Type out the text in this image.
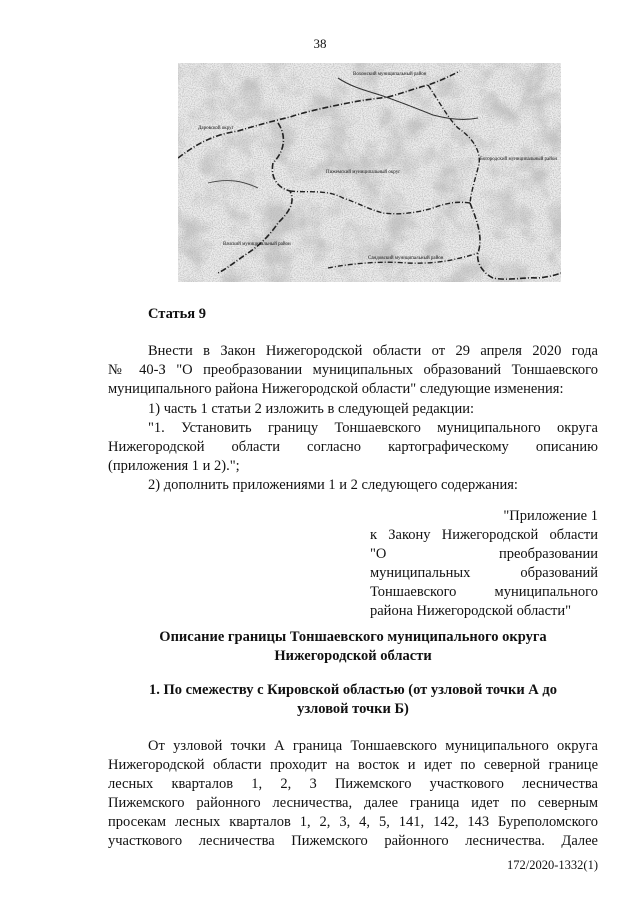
38
Вохомский муниципальный район
Даровской округ
Пижемский муниципальный округ
Богородский муниципальный район
Вачский муниципальный район
Сандовский муниципальный район
Статья 9
Внести в Закон Нижегородской области от 29 апреля 2020 года
№ 40-З "О преобразовании муниципальных образований Тоншаевского
муниципального района Нижегородской области" следующие изменения:
1) часть 1 статьи 2 изложить в следующей редакции:
"1. Установить границу Тоншаевского муниципального округа
Нижегородской области согласно картографическому описанию
(приложения 1 и 2).";
2) дополнить приложениями 1 и 2 следующего содержания:
"Приложение 1
к Закону Нижегородской области
"О преобразовании
муниципальных образований
Тоншаевского муниципального
района Нижегородской области"
Описание границы Тоншаевского муниципального округа
Нижегородской области
1. По смежеству с Кировской областью (от узловой точки А до
узловой точки Б)
От узловой точки А граница Тоншаевского муниципального округа
Нижегородской области проходит на восток и идет по северной границе
лесных кварталов 1, 2, 3 Пижемского участкового лесничества
Пижемского районного лесничества, далее граница идет по северным
просекам лесных кварталов 1, 2, 3, 4, 5, 141, 142, 143 Буреполомского
участкового лесничества Пижемского районного лесничества. Далее
172/2020-1332(1)
